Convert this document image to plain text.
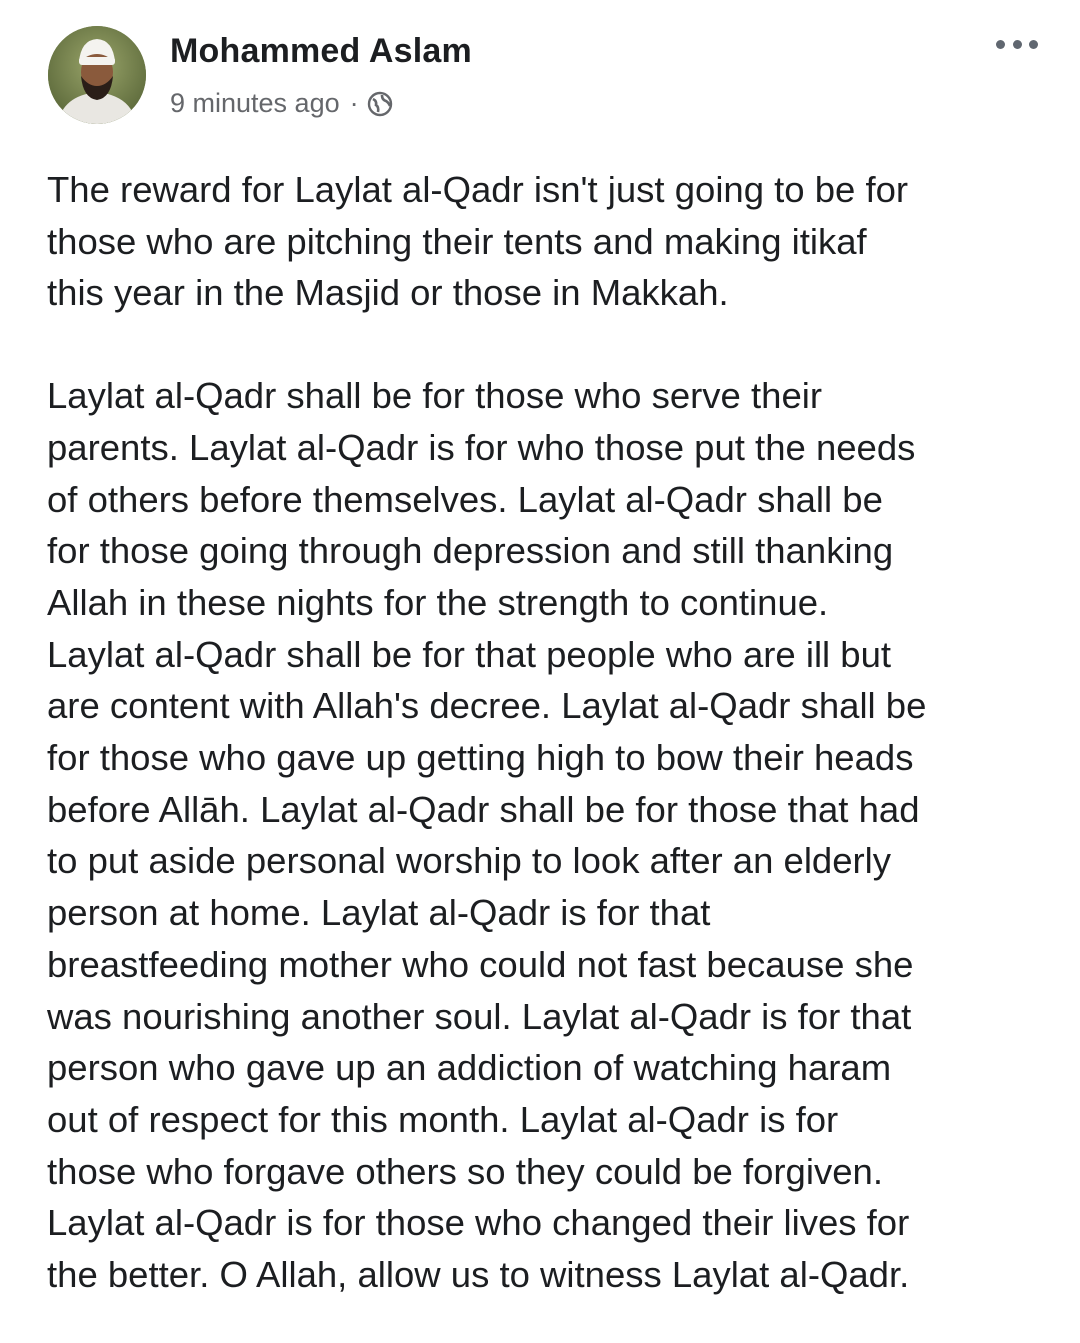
Mohammed Aslam
9 minutes ago ·

The reward for Laylat al-Qadr isn't just going to be for

those who are pitching their tents and making itikaf

this year in the Masjid or those in Makkah.

Laylat al-Qadr shall be for those who serve their

parents. Laylat al-Qadr is for who those put the needs

of others before themselves. Laylat al-Qadr shall be

for those going through depression and still thanking

Allah in these nights for the strength to continue.

Laylat al-Qadr shall be for that people who are ill but

are content with Allah's decree. Laylat al-Qadr shall be

for those who gave up getting high to bow their heads

before Allāh. Laylat al-Qadr shall be for those that had

to put aside personal worship to look after an elderly

person at home. Laylat al-Qadr is for that

breastfeeding mother who could not fast because she

was nourishing another soul. Laylat al-Qadr is for that

person who gave up an addiction of watching haram

out of respect for this month. Laylat al-Qadr is for

those who forgave others so they could be forgiven.

Laylat al-Qadr is for those who changed their lives for

the better. O Allah, allow us to witness Laylat al-Qadr.
